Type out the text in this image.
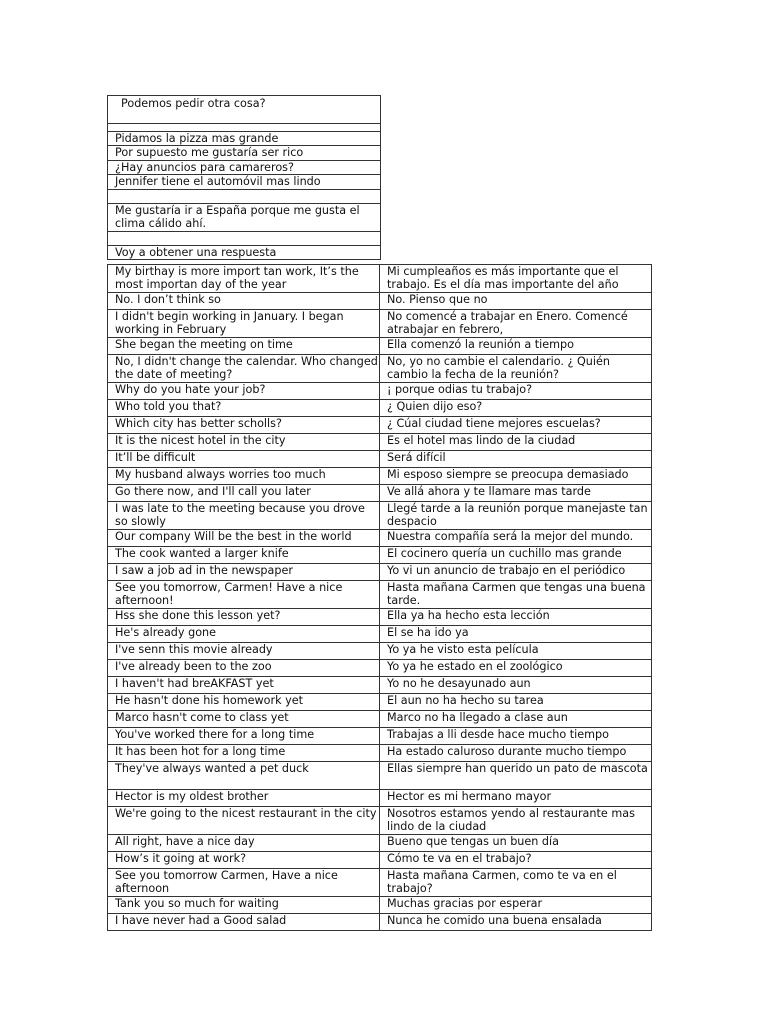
Podemos pedir otra cosa?

Pidamos la pizza mas grande
Por supuesto me gustaría ser rico
¿Hay anuncios para camareros?
Jennifer tiene el automóvil mas lindo

Me gustaría ir a España porque me gusta el clima cálido ahí.

Voy a obtener una respuesta
My birthay is more import tan work, It’s the most importan day of the year	Mi cumpleaños es más importante que el trabajo. Es el día mas importante del año
No. I don’t think so	No. Pienso que no
I didn't begin working in January. I began working in February	No comencé a trabajar en Enero. Comencé atrabajar en febrero,
She began the meeting on time	Ella comenzó la reunión a tiempo
No, I didn't change the calendar. Who changed the date of meeting?	No, yo no cambie el calendario. ¿ Quién cambio la fecha de la reunión?
Why do you hate your job?	¡ porque odias tu trabajo?
Who told you that?	¿ Quien dijo eso?
Which city has better scholls?	¿ Cúal ciudad tiene mejores escuelas?
It is the nicest hotel in the city	Es el hotel mas lindo de la ciudad
It’ll be difficult	Será difícil
My husband always worries too much	Mi esposo siempre se preocupa demasiado
Go there now, and I'll call you later	Ve allá ahora y te llamare mas tarde
I was late to the meeting because you drove so slowly	Llegé tarde a la reunión porque manejaste tan despacio
Our company Will be the best in the world	Nuestra compañía será la mejor del mundo.
The cook wanted a larger knife	El cocinero quería un cuchillo mas grande
I saw a job ad in the newspaper	Yo vi un anuncio de trabajo en el periódico
See you tomorrow, Carmen! Have a nice afternoon!	Hasta mañana Carmen que tengas una buena tarde.
Hss she done this lesson yet?	Ella ya ha hecho esta lección
He's already gone	El se ha ido ya
I've senn this movie already	Yo ya he visto esta película
I've already been to the zoo	Yo ya he estado en el zoológico
I haven't had breAKFAST yet	Yo no he desayunado aun
He hasn't done his homework yet	El aun no ha hecho su tarea
Marco hasn't come to class yet	Marco no ha llegado a clase aun
You've worked there for a long time	Trabajas a lli desde hace mucho tiempo
It has been hot for a long time	Ha estado caluroso durante mucho tiempo
They've always wanted a pet duck	Ellas siempre han querido un pato de mascota
Hector is my oldest brother	Hector es mi hermano mayor
We're going to the nicest restaurant in the city	Nosotros estamos yendo al restaurante mas lindo de la ciudad
All right, have a nice day	Bueno que tengas un buen día
How’s it going at work?	Cómo te va en el trabajo?
See you tomorrow Carmen, Have a nice afternoon	Hasta mañana Carmen, como te va en el trabajo?
Tank you so much for waiting	Muchas gracias por esperar
I have never had a Good salad	Nunca he comido una buena ensalada
